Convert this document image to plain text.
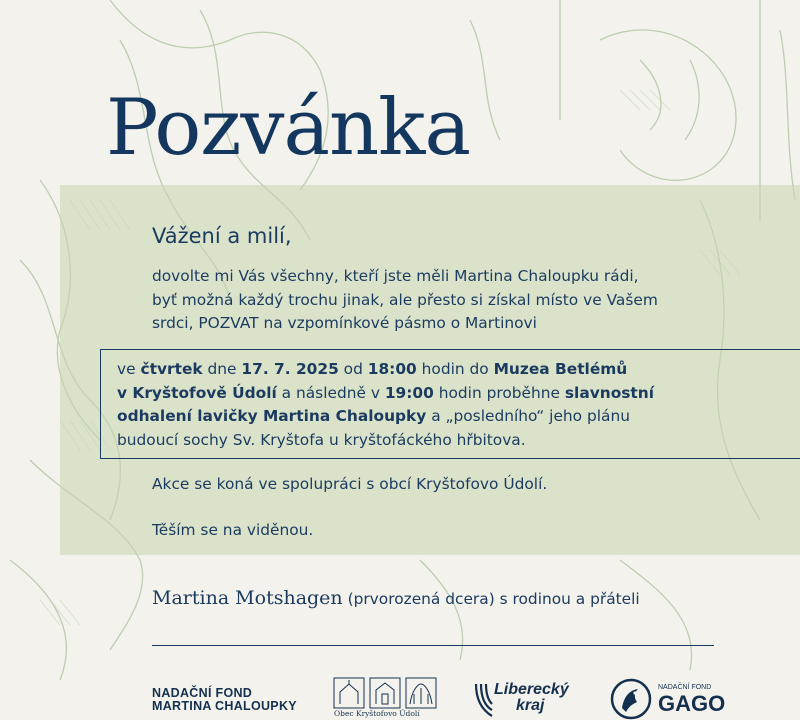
Pozvánka

Vážení a milí,

dovolte mi Vás všechny, kteří jste měli Martina Chaloupku rádi,
byť možná každý trochu jinak, ale přesto si získal místo ve Vašem
srdci, POZVAT na vzpomínkové pásmo o Martinovi

ve čtvrtek dne 17. 7. 2025 od 18:00 hodin do Muzea Betlémů
v Kryštofově Údolí a následně v 19:00 hodin proběhne slavnostní
odhalení lavičky Martina Chaloupky a „posledního“ jeho plánu
budoucí sochy Sv. Kryštofa u kryštofáckého hřbitova.

Akce se koná ve spolupráci s obcí Kryštofovo Údolí.

Těším se na viděnou.

Martina Motshagen (prvorozená dcera) s rodinou a přáteli

NADAČNÍ FOND
MARTINA CHALOUPKY

Obec Kryštofovo Údolí

Liberecký
kraj

NADAČNÍ FOND

GAGO
